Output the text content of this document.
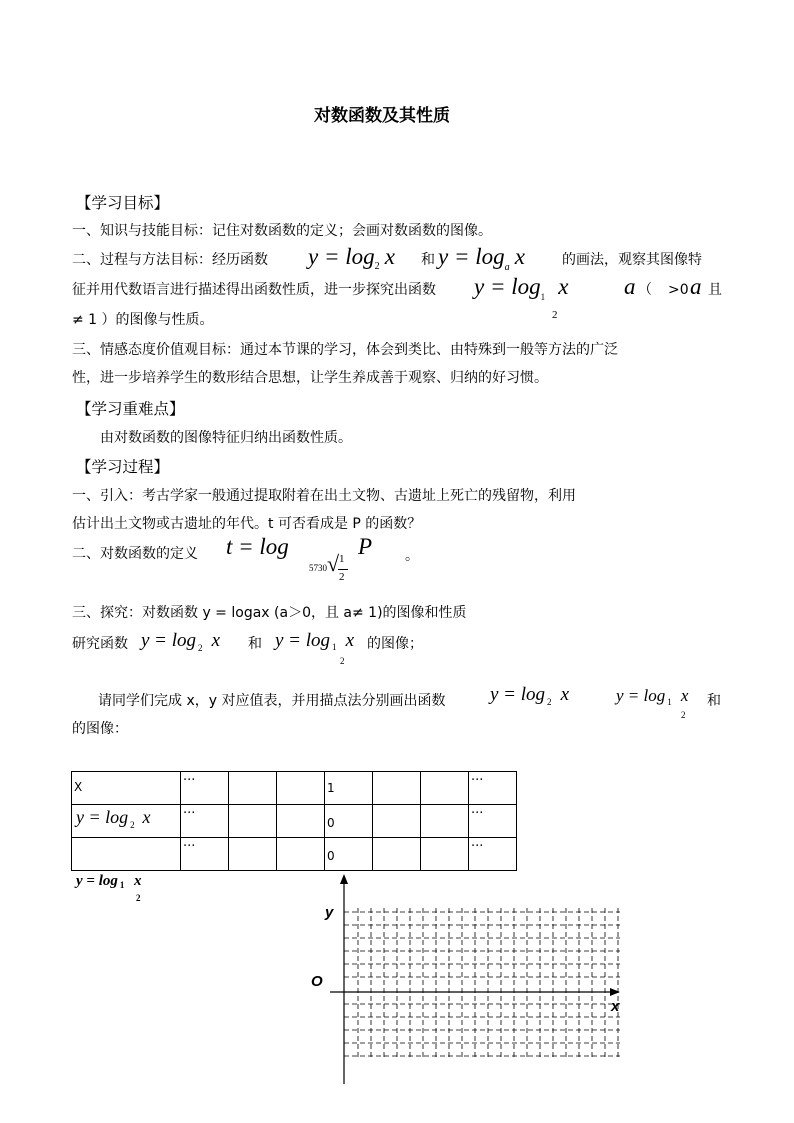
对数函数及其性质
【学习目标】
一、知识与技能目标：记住对数函数的定义；会画对数函数的图像。
二、过程与方法目标：经历函数 $y = \log_2 x$ 和 $y = \log_a x$	的画法，观察其图像特
征并用代数语言进行描述得出函数性质，进一步探究出函数 $y = \log_1 x$
2
a （ >0 a 且
≠ 1 ）的图像与性质。
三、情感态度价值观目标：通过本节课的学习，体会到类比、由特殊到一般等方法的广泛
性，进一步培养学生的数形结合思想，让学生养成善于观察、归纳的好习惯。
【学习重难点】
由对数函数的图像特征归纳出函数性质。
【学习过程】
一、引入：考古学家一般通过提取附着在出土文物、古遗址上死亡的残留物，利用
估计出土文物或古遗址的年代。t 可否看成是 P 的函数？
二、对数函数的定义 t = log
5730 √ 1
2
P 。
三、探究：对数函数 y = logax (a＞0，且 a≠ 1)的图像和性质
研究函数 y = log $_2$ x 和 y = log $_1$ x
2
的图像；
请同学们完成 x，y 对应值表，并用描点法分别画出函数 y = log $_2$ x	y = log $_1$ x
2
和
的图像：
X	···			1			···

y = log $_2$ x	···			0			···

	···			0			···
y = log 1 x
2
y
O
x
